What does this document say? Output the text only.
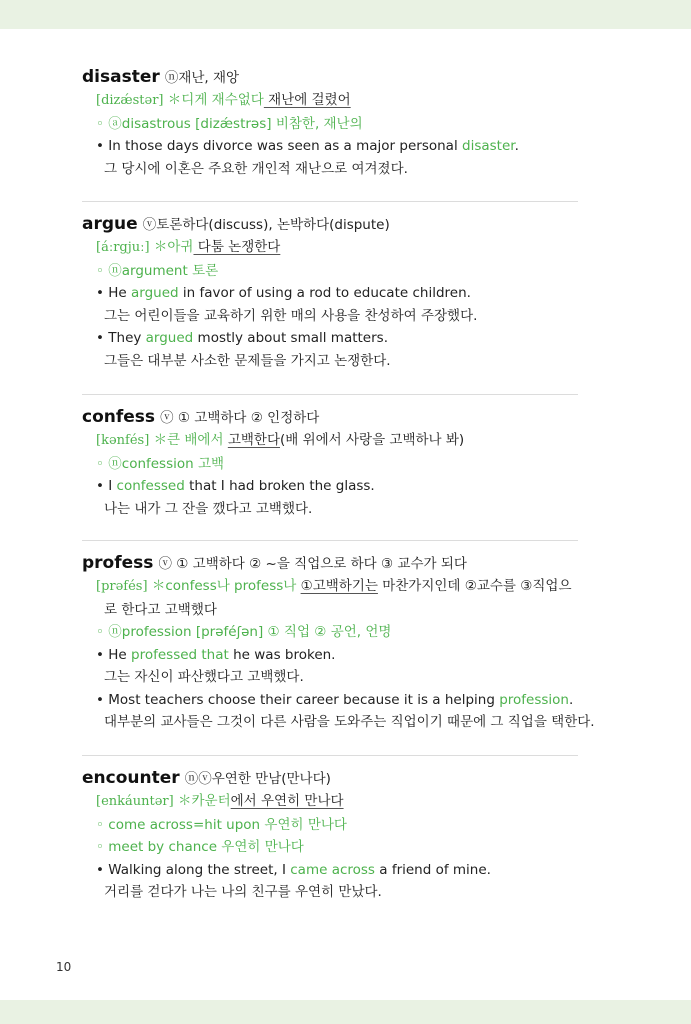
disaster ⓝ재난, 재앙
[dizǽstər] ＊디게 재수없다 재난에 걸렸어
◦ ⓐdisastrous [dizǽstrəs] 비참한, 재난의
• In those days divorce was seen as a major personal disaster.
그 당시에 이혼은 주요한 개인적 재난으로 여겨졌다.
argue ⓥ토론하다(discuss), 논박하다(dispute)
[áːrgjuː] ＊아귀 다툼 논쟁한다
◦ ⓝargument 토론
• He argued in favor of using a rod to educate children.
그는 어린이들을 교육하기 위한 매의 사용을 찬성하여 주장했다.
• They argued mostly about small matters.
그들은 대부분 사소한 문제들을 가지고 논쟁한다.
confess ⓥ ① 고백하다 ② 인정하다
[kənfés] ＊큰 배에서 고백한다(배 위에서 사랑을 고백하나 봐)
◦ ⓝconfession 고백
• I confessed that I had broken the glass.
나는 내가 그 잔을 깼다고 고백했다.
profess ⓥ ① 고백하다 ② ~을 직업으로 하다 ③ 교수가 되다
[prəfés] ＊confess나 profess나 ①고백하기는 마찬가지인데 ②교수를 ③직업으
로 한다고 고백했다
◦ ⓝprofession [prəféʃən] ① 직업 ② 공언, 언명
• He professed that he was broken.
그는 자신이 파산했다고 고백했다.
• Most teachers choose their career because it is a helping profession.
대부분의 교사들은 그것이 다른 사람을 도와주는 직업이기 때문에 그 직업을 택한다.
encounter ⓝⓥ우연한 만남(만나다)
[enkáuntər] ＊카운터에서 우연히 만나다
◦ come across=hit upon 우연히 만나다
◦ meet by chance 우연히 만나다
• Walking along the street, I came across a friend of mine.
거리를 걷다가 나는 나의 친구를 우연히 만났다.
10
